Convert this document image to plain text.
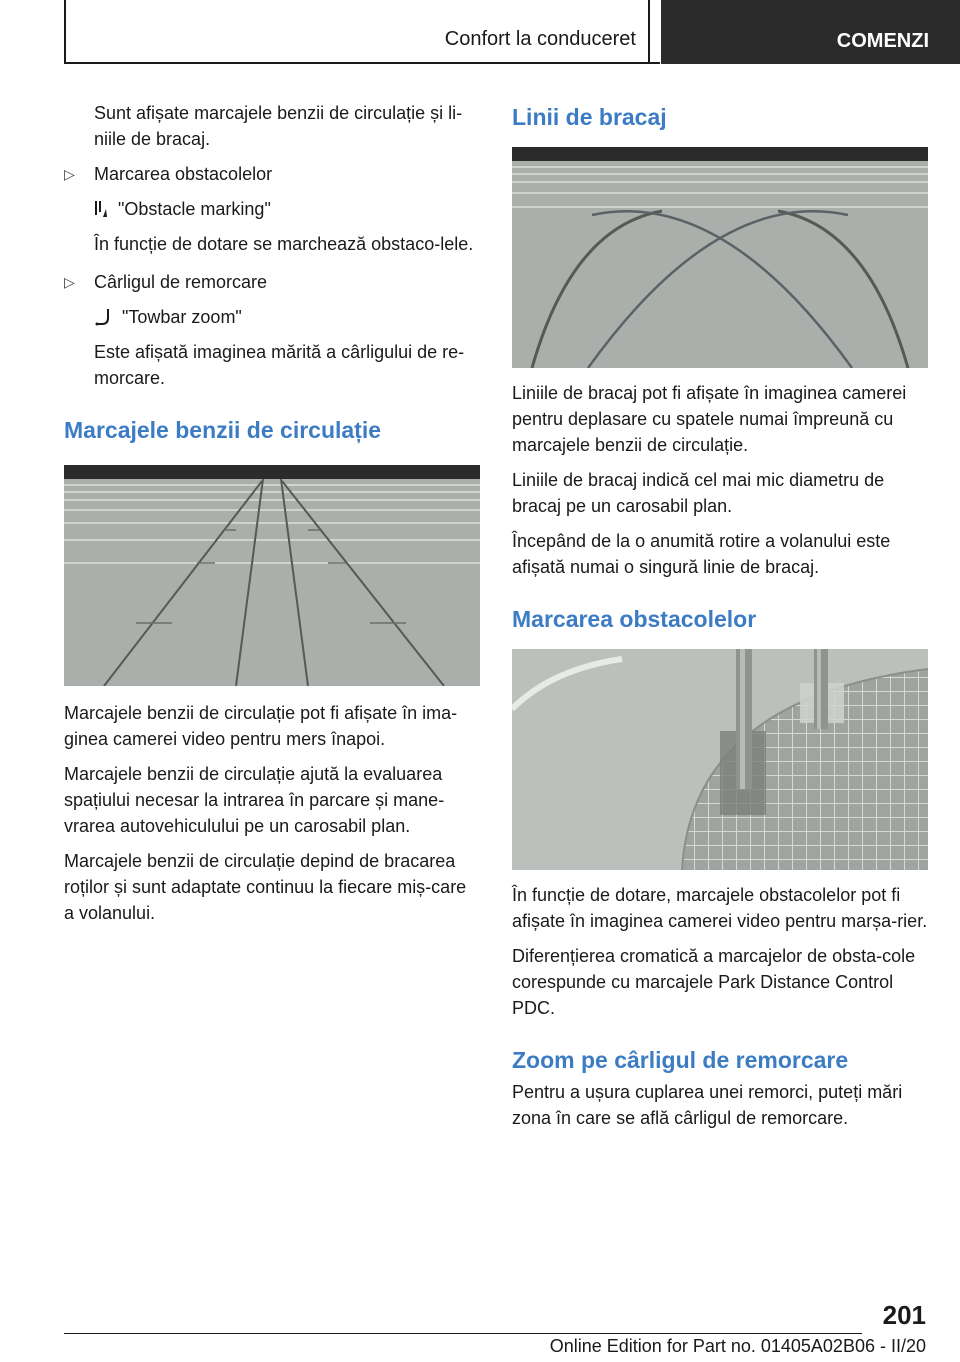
Confort la conduceret	COMENZI

Sunt afișate marcajele benzii de circulație și li-niile de bracaj.

▷ Marcarea obstacolelor

"Obstacle marking"

În funcție de dotare se marchează obstaco-lele.

▷ Cârligul de remorcare

"Towbar zoom"

Este afișată imaginea mărită a cârligului de re-morcare.

Marcajele benzii de circulație

Marcajele benzii de circulație pot fi afișate în ima-ginea camerei video pentru mers înapoi.

Marcajele benzii de circulație ajută la evaluarea spațiului necesar la intrarea în parcare și mane-vrarea autovehiculului pe un carosabil plan.

Marcajele benzii de circulație depind de bracarea roților și sunt adaptate continuu la fiecare miș-care a volanului.

Linii de bracaj

Liniile de bracaj pot fi afișate în imaginea camerei pentru deplasare cu spatele numai împreună cu marcajele benzii de circulație.

Liniile de bracaj indică cel mai mic diametru de bracaj pe un carosabil plan.

Începând de la o anumită rotire a volanului este afișată numai o singură linie de bracaj.

Marcarea obstacolelor

În funcție de dotare, marcajele obstacolelor pot fi afișate în imaginea camerei video pentru marșa-rier.

Diferențierea cromatică a marcajelor de obsta-cole corespunde cu marcajele Park Distance Control PDC.

Zoom pe cârligul de remorcare

Pentru a ușura cuplarea unei remorci, puteți mări zona în care se află cârligul de remorcare.

201
Online Edition for Part no. 01405A02B06 - II/20
